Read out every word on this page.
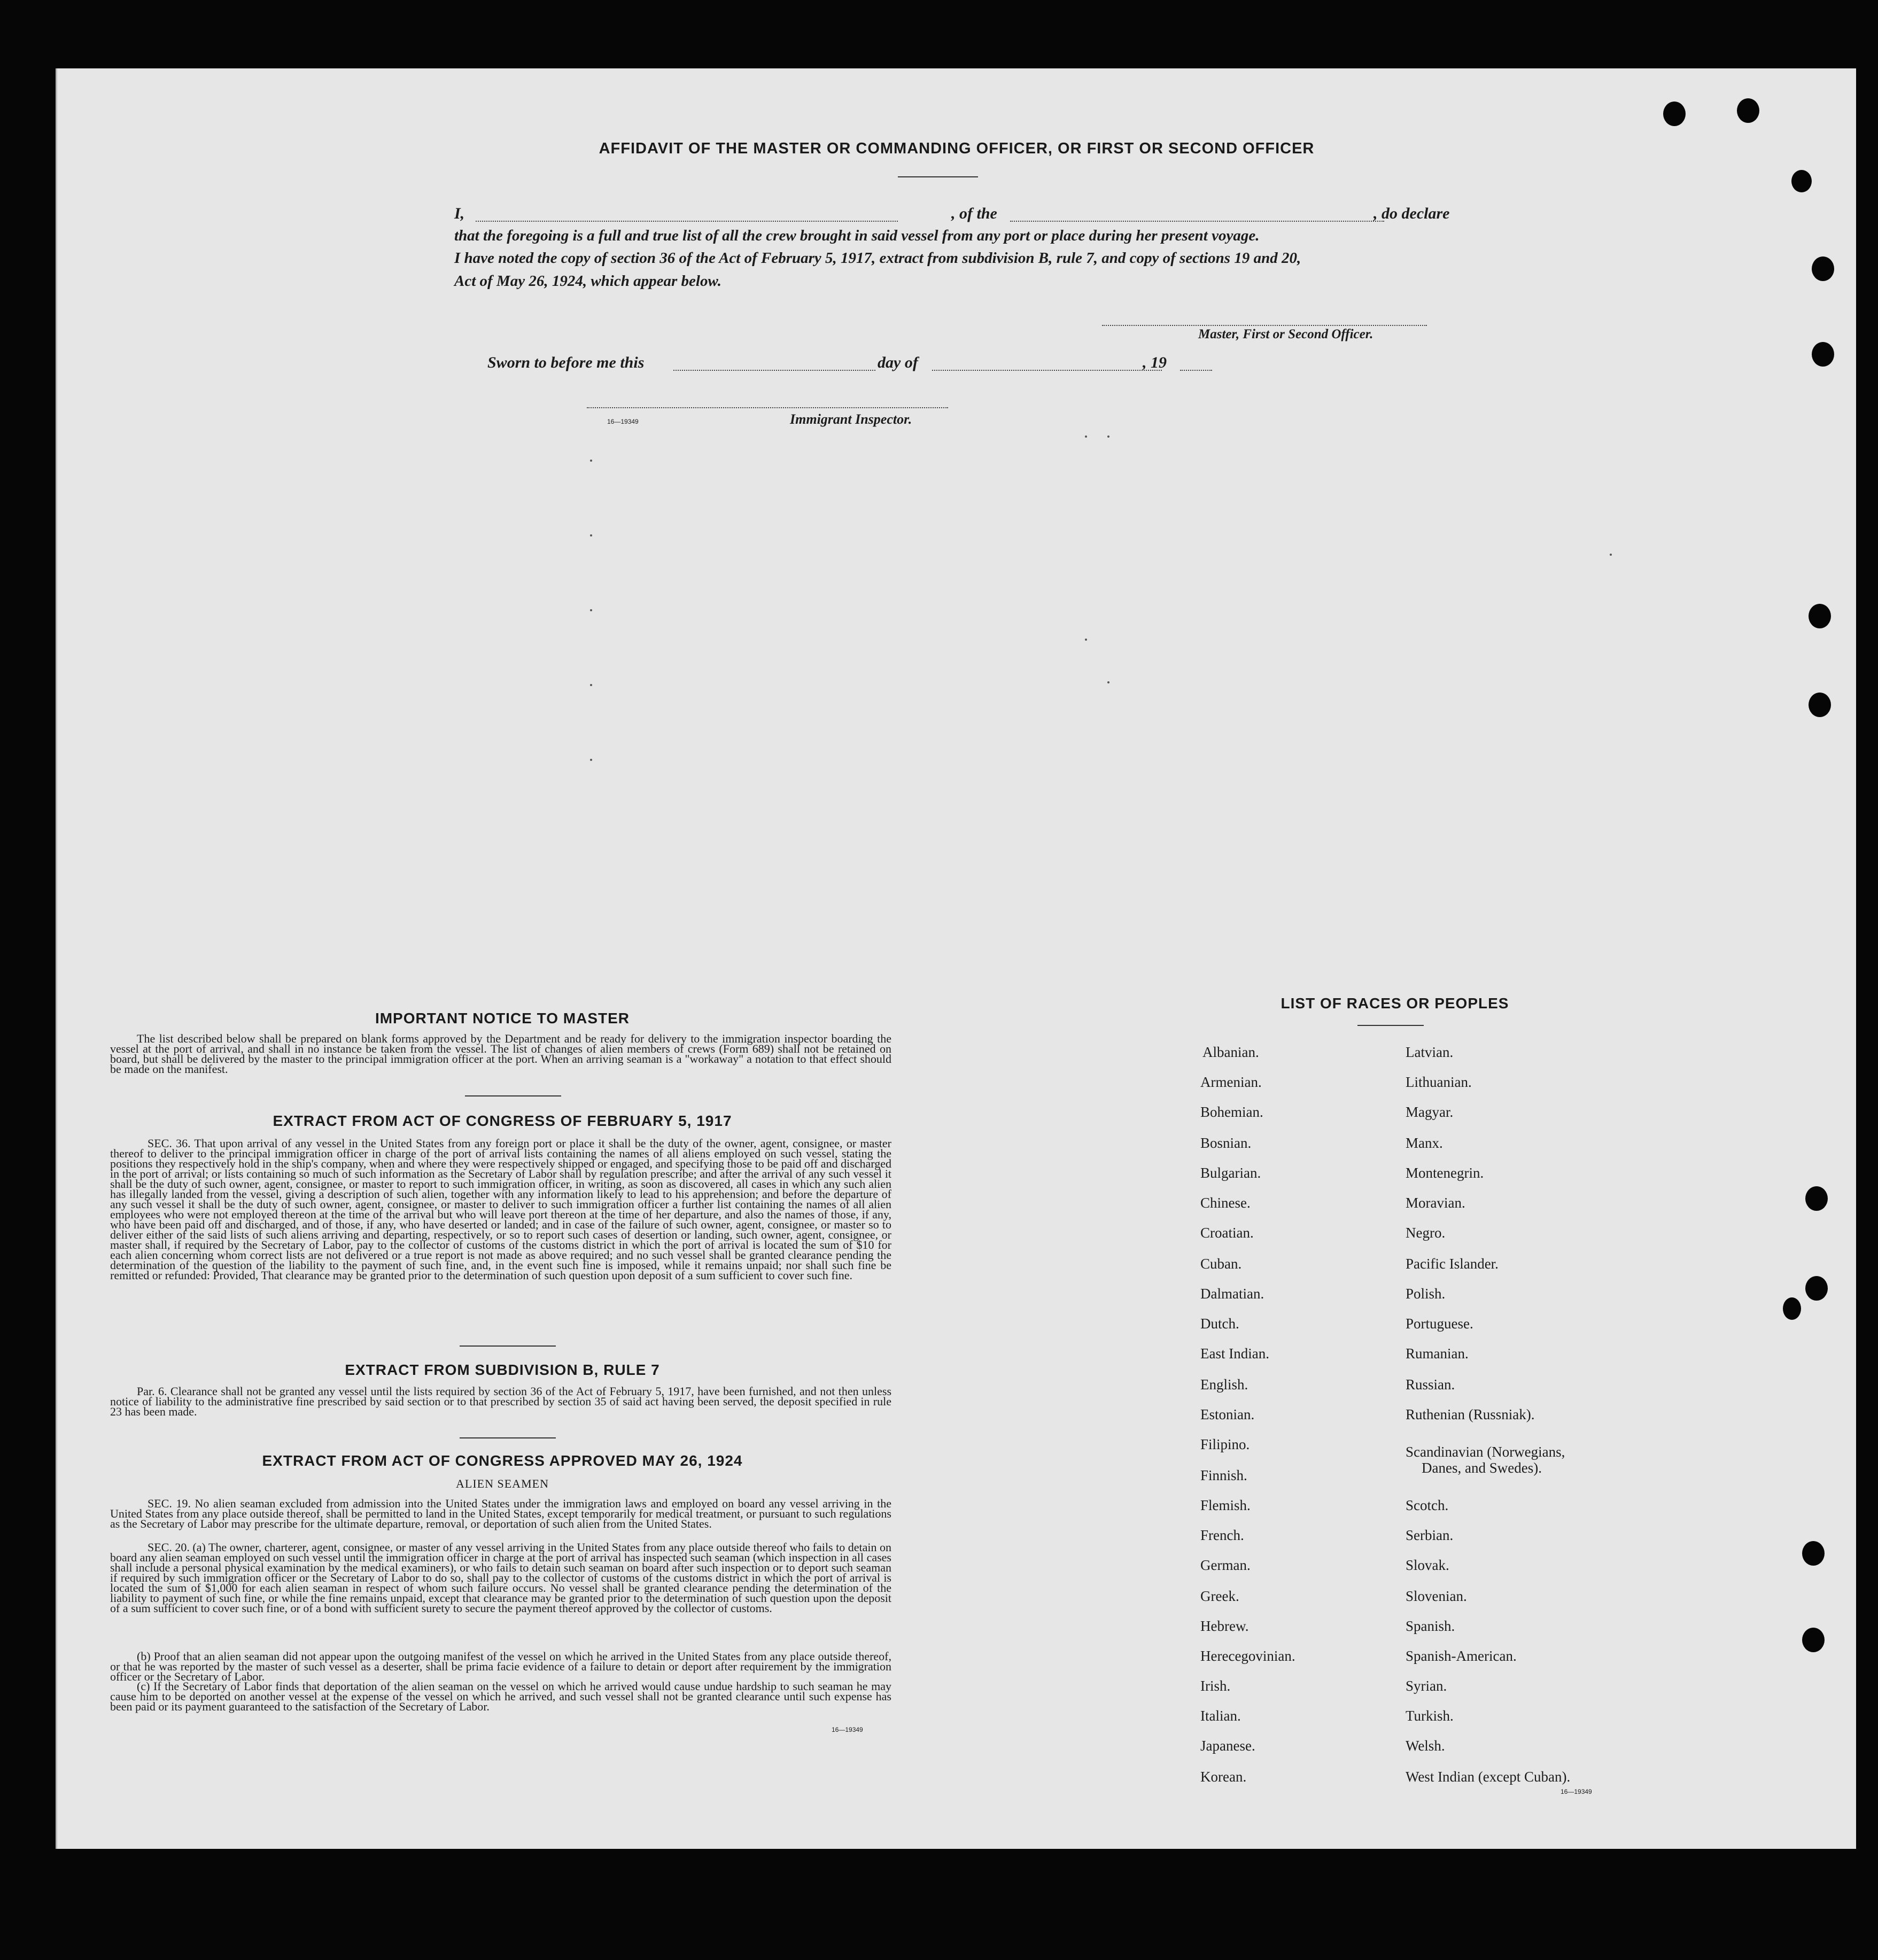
AFFIDAVIT OF THE MASTER OR COMMANDING OFFICER, OR FIRST OR SECOND OFFICER
I,	, of the	, do declare
that the foregoing is a full and true list of all the crew brought in said vessel from any port or place during her present voyage.
I have noted the copy of section 36 of the Act of February 5, 1917, extract from subdivision B, rule 7, and copy of sections 19 and 20,
Act of May 26, 1924, which appear below.
Master, First or Second Officer.
Sworn to before me this	day of	, 19
16—19349	Immigrant Inspector.
IMPORTANT NOTICE TO MASTER
The list described below shall be prepared on blank forms approved by the Department and be ready for delivery to the immigration inspector boarding the vessel at the port of arrival, and shall in no instance be taken from the vessel. The list of changes of alien members of crews (Form 689) shall not be retained on board, but shall be delivered by the master to the principal immigration officer at the port. When an arriving seaman is a "workaway" a notation to that effect should be made on the manifest.
EXTRACT FROM ACT OF CONGRESS OF FEBRUARY 5, 1917
SEC. 36. That upon arrival of any vessel in the United States from any foreign port or place it shall be the duty of the owner, agent, consignee, or master thereof to deliver to the principal immigration officer in charge of the port of arrival lists containing the names of all aliens employed on such vessel, stating the positions they respectively hold in the ship's company, when and where they were respectively shipped or engaged, and specifying those to be paid off and discharged in the port of arrival; or lists containing so much of such information as the Secretary of Labor shall by regulation prescribe; and after the arrival of any such vessel it shall be the duty of such owner, agent, consignee, or master to report to such immigration officer, in writing, as soon as discovered, all cases in which any such alien has illegally landed from the vessel, giving a description of such alien, together with any information likely to lead to his apprehension; and before the departure of any such vessel it shall be the duty of such owner, agent, consignee, or master to deliver to such immigration officer a further list containing the names of all alien employees who were not employed thereon at the time of the arrival but who will leave port thereon at the time of her departure, and also the names of those, if any, who have been paid off and discharged, and of those, if any, who have deserted or landed; and in case of the failure of such owner, agent, consignee, or master so to deliver either of the said lists of such aliens arriving and departing, respectively, or so to report such cases of desertion or landing, such owner, agent, consignee, or master shall, if required by the Secretary of Labor, pay to the collector of customs of the customs district in which the port of arrival is located the sum of $10 for each alien concerning whom correct lists are not delivered or a true report is not made as above required; and no such vessel shall be granted clearance pending the determination of the question of the liability to the payment of such fine, and, in the event such fine is imposed, while it remains unpaid; nor shall such fine be remitted or refunded: Provided, That clearance may be granted prior to the determination of such question upon deposit of a sum sufficient to cover such fine.
EXTRACT FROM SUBDIVISION B, RULE 7
Par. 6. Clearance shall not be granted any vessel until the lists required by section 36 of the Act of February 5, 1917, have been furnished, and not then unless notice of liability to the administrative fine prescribed by said section or to that prescribed by section 35 of said act having been served, the deposit specified in rule 23 has been made.
EXTRACT FROM ACT OF CONGRESS APPROVED MAY 26, 1924
ALIEN SEAMEN
SEC. 19. No alien seaman excluded from admission into the United States under the immigration laws and employed on board any vessel arriving in the United States from any place outside thereof, shall be permitted to land in the United States, except temporarily for medical treatment, or pursuant to such regulations as the Secretary of Labor may prescribe for the ultimate departure, removal, or deportation of such alien from the United States.
SEC. 20. (a) The owner, charterer, agent, consignee, or master of any vessel arriving in the United States from any place outside thereof who fails to detain on board any alien seaman employed on such vessel until the immigration officer in charge at the port of arrival has inspected such seaman (which inspection in all cases shall include a personal physical examination by the medical examiners), or who fails to detain such seaman on board after such inspection or to deport such seaman if required by such immigration officer or the Secretary of Labor to do so, shall pay to the collector of customs of the customs district in which the port of arrival is located the sum of $1,000 for each alien seaman in respect of whom such failure occurs. No vessel shall be granted clearance pending the determination of the liability to payment of such fine, or while the fine remains unpaid, except that clearance may be granted prior to the determination of such question upon the deposit of a sum sufficient to cover such fine, or of a bond with sufficient surety to secure the payment thereof approved by the collector of customs.
(b) Proof that an alien seaman did not appear upon the outgoing manifest of the vessel on which he arrived in the United States from any place outside thereof, or that he was reported by the master of such vessel as a deserter, shall be prima facie evidence of a failure to detain or deport after requirement by the immigration officer or the Secretary of Labor.
(c) If the Secretary of Labor finds that deportation of the alien seaman on the vessel on which he arrived would cause undue hardship to such seaman he may cause him to be deported on another vessel at the expense of the vessel on which he arrived, and such vessel shall not be granted clearance until such expense has been paid or its payment guaranteed to the satisfaction of the Secretary of Labor.
16—19349
LIST OF RACES OR PEOPLES
Albanian.
Armenian.
Bohemian.
Bosnian.
Bulgarian.
Chinese.
Croatian.
Cuban.
Dalmatian.
Dutch.
East Indian.
English.
Estonian.
Filipino.
Finnish.
Flemish.
French.
German.
Greek.
Hebrew.
Herecegovinian.
Irish.
Italian.
Japanese.
Korean.
Latvian.
Lithuanian.
Magyar.
Manx.
Montenegrin.
Moravian.
Negro.
Pacific Islander.
Polish.
Portuguese.
Rumanian.
Russian.
Ruthenian (Russniak).
Scandinavian (Norwegians,
Danes, and Swedes).
Scotch.
Serbian.
Slovak.
Slovenian.
Spanish.
Spanish-American.
Syrian.
Turkish.
Welsh.
West Indian (except Cuban).
16—19349
